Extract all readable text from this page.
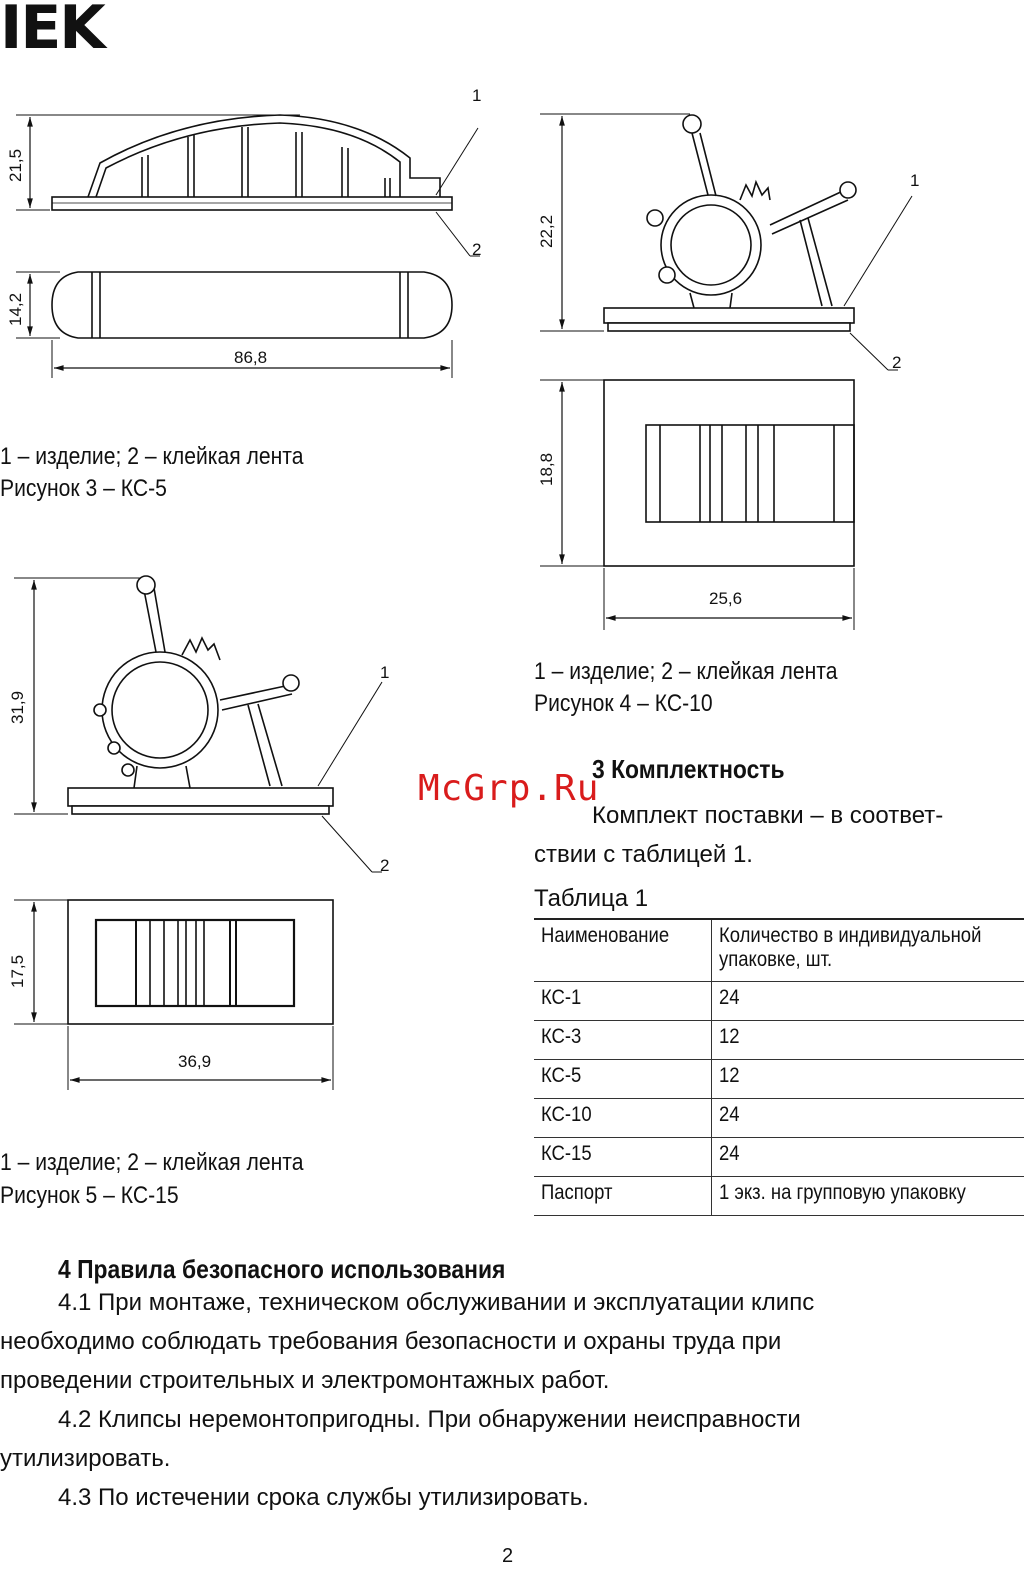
IEK
21,5
14,2
86,8
1
2
1 – изделие; 2 – клейкая лента
Рисунок 3 – КС-5
22,2
18,8
25,6
1
2
1 – изделие; 2 – клейкая лента
Рисунок 4 – КС-10
31,9
17,5
36,9
1
2
1 – изделие; 2 – клейкая лента
Рисунок 5 – КС-15
3 Комплектность
McGrp.Ru
Комплект поставки – в соответ-
ствии с таблицей 1.
Таблица 1
Наименование	Количество в индивидуальной
упаковке, шт.
КС-1	24
КС-3	12
КС-5	12
КС-10	24
КС-15	24
Паспорт	1 экз. на групповую упаковку
4 Правила безопасного использования

4.1 При монтаже, техническом обслуживании и эксплуатации клипс

необходимо соблюдать требования безопасности и охраны труда при

проведении строительных и электромонтажных работ.

4.2 Клипсы неремонтопригодны. При обнаружении неисправности

утилизировать.

4.3 По истечении срока службы утилизировать.

2
